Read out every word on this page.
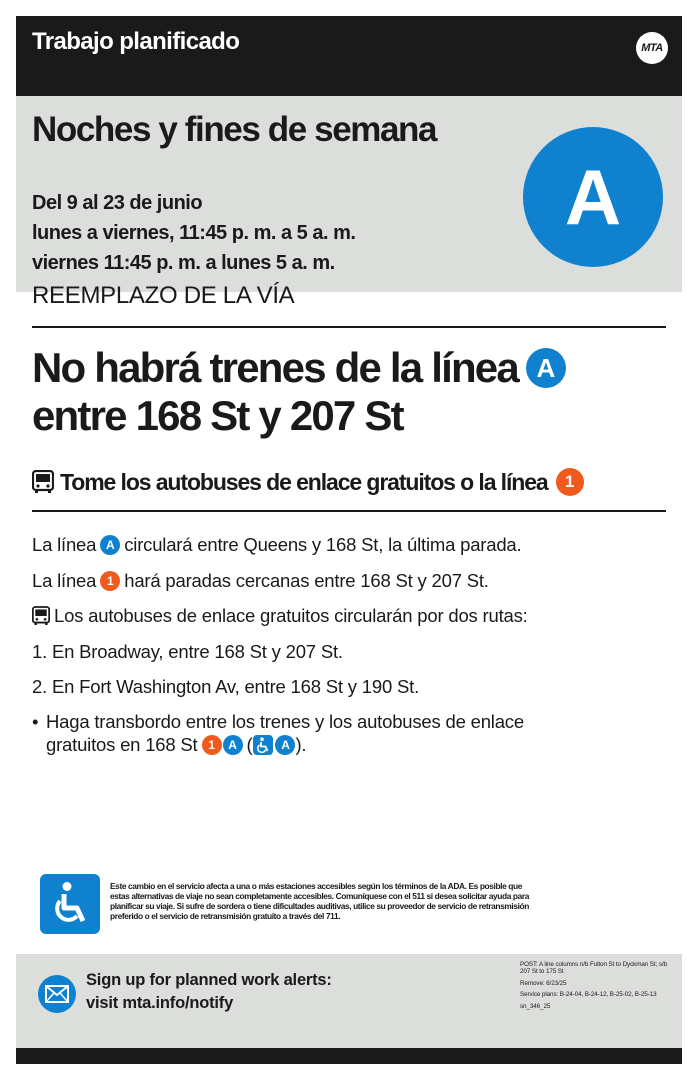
Trabajo planificado	MTA
Noches y fines de semana
Del 9 al 23 de junio
lunes a viernes, 11:45 p. m. a 5 a. m.
viernes 11:45 p. m. a lunes 5 a. m.
A
REEMPLAZO DE LA VÍA
No habrá trenes de la línea A
entre 168 St y 207 St
Tome los autobuses de enlace gratuitos o la línea	1
La línea A circulará entre Queens y 168 St, la última parada.
La línea 1 hará paradas cercanas entre 168 St y 207 St.
Los autobuses de enlace gratuitos circularán por dos rutas:
1. En Broadway, entre 168 St y 207 St.
2. En Fort Washington Av, entre 168 St y 190 St.
• Haga transbordo entre los trenes y los autobuses de enlace
gratuitos en 168 St 1	A (	A ).
Este cambio en el servicio afecta a una o más estaciones accesibles según los términos de la ADA. Es posible que estas alternativas de viaje no sean completamente accesibles. Comuníquese con el 511 si desea solicitar ayuda para planificar su viaje. Si sufre de sordera o tiene dificultades auditivas, utilice su proveedor de servicio de retransmisión preferido o el servicio de retransmisión gratuito a través del 711.
Sign up for planned work alerts:
visit mta.info/notify
POST: A line columns n/b Fulton St to Dyckman St; s/b 207 St to 175 St
Remove: 6/23/25
Service plans: B-24-04, B-24-12, B-25-02, B-25-13
sn_346_25
